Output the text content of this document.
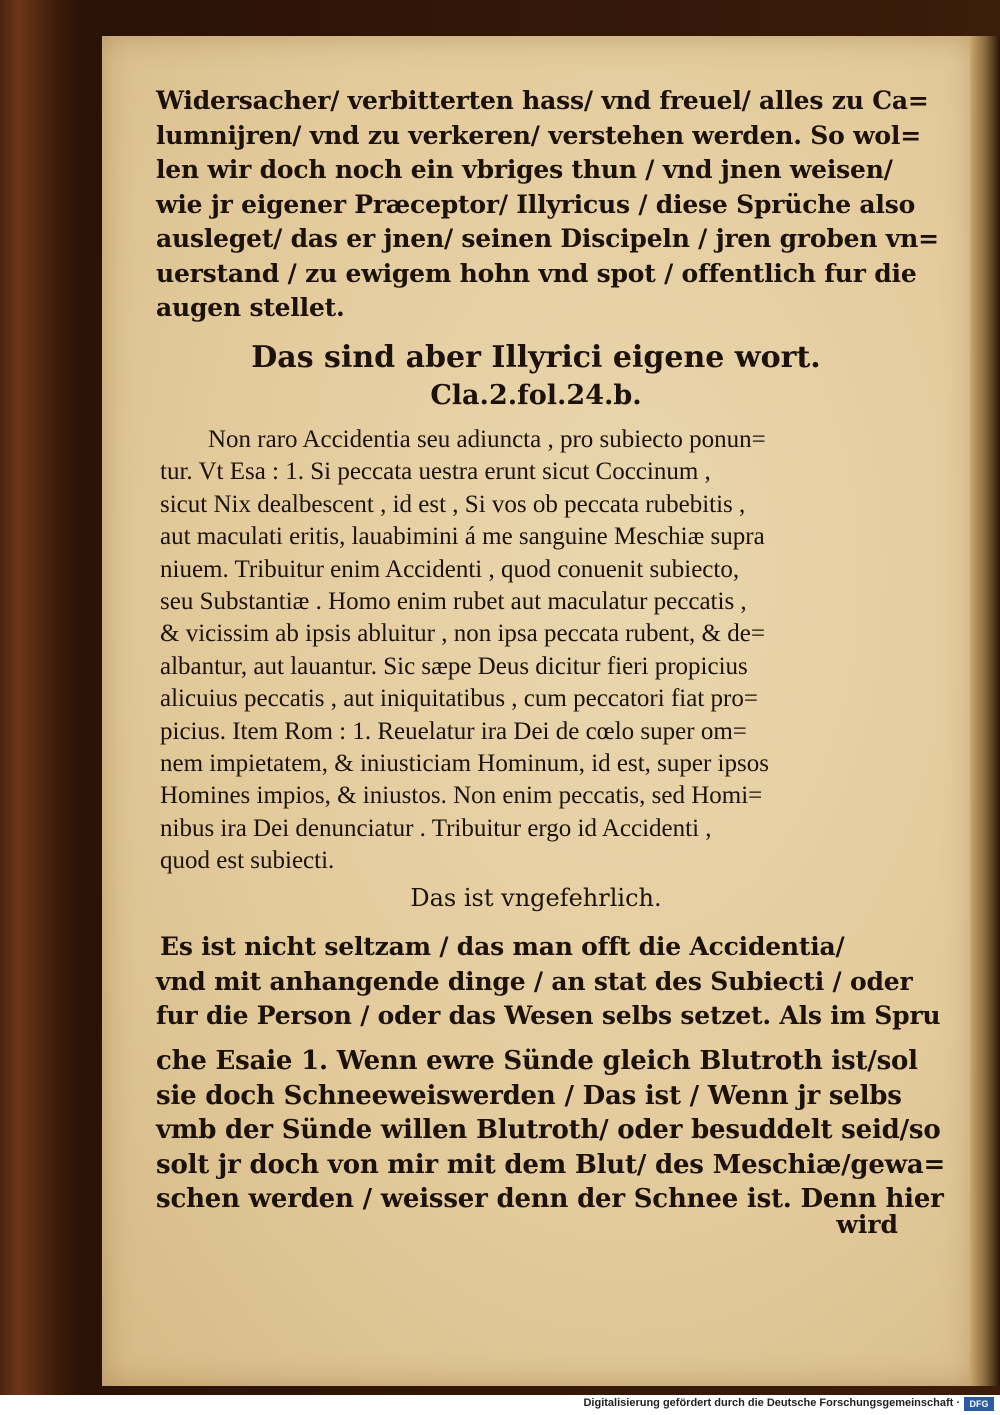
Widersacher/ verbitterten hass/ vnd freuel/ alles zu Ca=
lumnijren/ vnd zu verkeren/ verstehen werden. So wol=
len wir doch noch ein vbriges thun / vnd jnen weisen/
wie jr eigener Præceptor/ Illyricus / diese Sprüche also
ausleget/ das er jnen/ seinen Discipeln / jren groben vn=
uerstand / zu ewigem hohn vnd spot / offentlich fur die
augen stellet.
Das sind aber Illyrici eigene wort.
Cla.2.fol.24.b.
Non raro Accidentia seu adiuncta , pro subiecto ponun=
tur. Vt Esa : 1. Si peccata uestra erunt sicut Coccinum ,
sicut Nix dealbescent , id est , Si vos ob peccata rubebitis ,
aut maculati eritis, lauabimini á me sanguine Meschiæ supra
niuem. Tribuitur enim Accidenti , quod conuenit subiecto,
seu Substantiæ . Homo enim rubet aut maculatur peccatis ,
& vicissim ab ipsis abluitur , non ipsa peccata rubent, & de=
albantur, aut lauantur. Sic sæpe Deus dicitur fieri propicius
alicuius peccatis , aut iniquitatibus , cum peccatori fiat pro=
picius. Item Rom : 1. Reuelatur ira Dei de cœlo super om=
nem impietatem, & iniusticiam Hominum, id est, super ipsos
Homines impios, & iniustos. Non enim peccatis, sed Homi=
nibus ira Dei denunciatur . Tribuitur ergo id Accidenti ,
quod est subiecti.
Das ist vngefehrlich.
Es ist nicht seltzam / das man offt die Accidentia/
vnd mit anhangende dinge / an stat des Subiecti / oder
fur die Person / oder das Wesen selbs setzet. Als im Spru
che Esaie 1. Wenn ewre Sünde gleich Blutroth ist/sol
sie doch Schneeweiswerden / Das ist / Wenn jr selbs
vmb der Sünde willen Blutroth/ oder besuddelt seid/so
solt jr doch von mir mit dem Blut/ des Meschiæ/gewa=
schen werden / weisser denn der Schnee ist. Denn hier
wird
Digitalisierung gefördert durch die Deutsche Forschungsgemeinschaft ·	DFG
